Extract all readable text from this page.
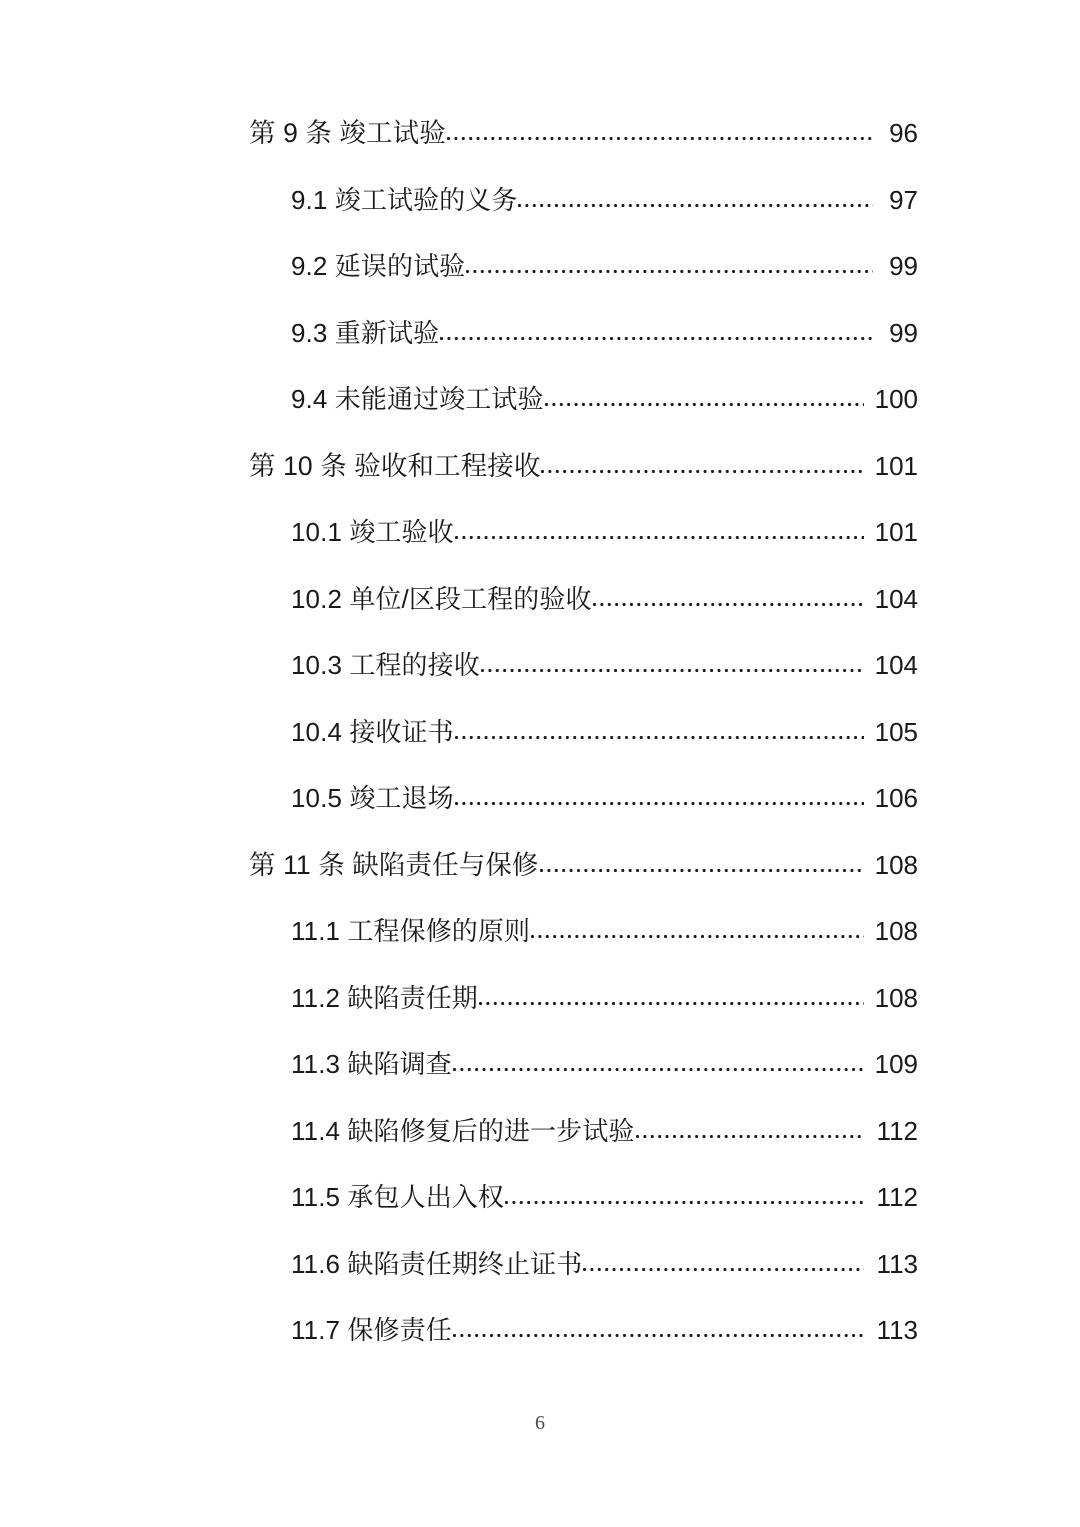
第 9 条 竣工试验	96
9.1 竣工试验的义务	97
9.2 延误的试验	99
9.3 重新试验	99
9.4 未能通过竣工试验	100
第 10 条 验收和工程接收	101
10.1 竣工验收	101
10.2 单位/区段工程的验收	104
10.3 工程的接收	104
10.4 接收证书	105
10.5 竣工退场	106
第 11 条 缺陷责任与保修	108
11.1 工程保修的原则	108
11.2 缺陷责任期	108
11.3 缺陷调查	109
11.4 缺陷修复后的进一步试验	112
11.5 承包人出入权	112
11.6 缺陷责任期终止证书	113
11.7 保修责任	113
6
